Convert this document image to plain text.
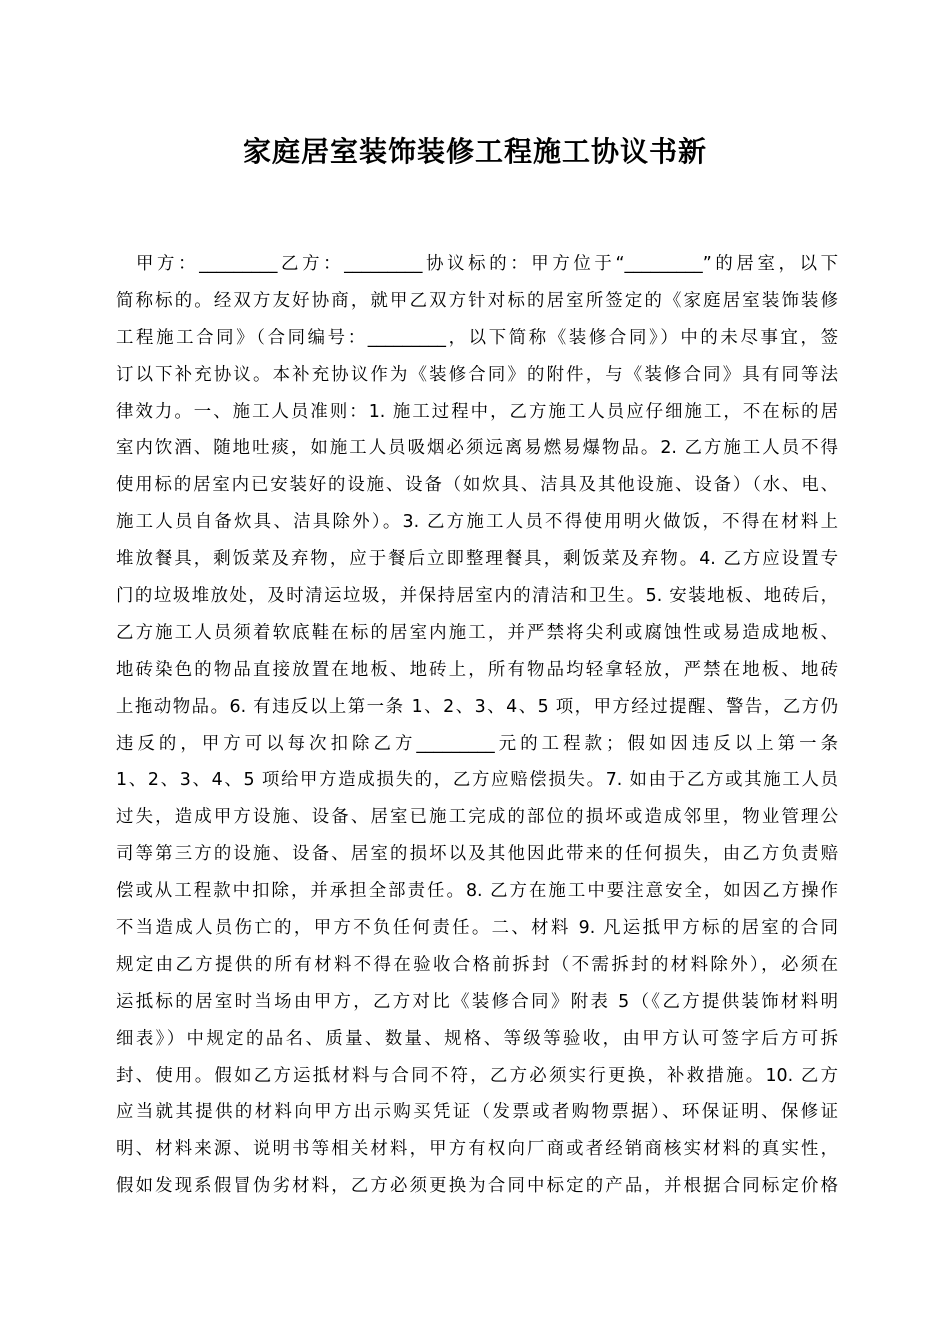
家庭居室装饰装修工程施工协议书新
甲方：_________乙方：_________协议标的：甲方位于“_________”的居室，以下
简称标的。经双方友好协商，就甲乙双方针对标的居室所签定的《家庭居室装饰装修
工程施工合同》（合同编号：_________，以下简称《装修合同》）中的未尽事宜，签
订以下补充协议。本补充协议作为《装修合同》的附件，与《装修合同》具有同等法
律效力。一、施工人员准则：1. 施工过程中，乙方施工人员应仔细施工，不在标的居
室内饮酒、随地吐痰，如施工人员吸烟必须远离易燃易爆物品。2. 乙方施工人员不得
使用标的居室内已安装好的设施、设备（如炊具、洁具及其他设施、设备）（水、电、
施工人员自备炊具、洁具除外）。3. 乙方施工人员不得使用明火做饭，不得在材料上
堆放餐具，剩饭菜及弃物，应于餐后立即整理餐具，剩饭菜及弃物。4. 乙方应设置专
门的垃圾堆放处，及时清运垃圾，并保持居室内的清洁和卫生。5. 安装地板、地砖后，
乙方施工人员须着软底鞋在标的居室内施工，并严禁将尖利或腐蚀性或易造成地板、
地砖染色的物品直接放置在地板、地砖上，所有物品均轻拿轻放，严禁在地板、地砖
上拖动物品。6. 有违反以上第一条 1、2、3、4、5 项，甲方经过提醒、警告，乙方仍
违反的，甲方可以每次扣除乙方_________元的工程款；假如因违反以上第一条
1、2、3、4、5 项给甲方造成损失的，乙方应赔偿损失。7. 如由于乙方或其施工人员
过失，造成甲方设施、设备、居室已施工完成的部位的损坏或造成邻里，物业管理公
司等第三方的设施、设备、居室的损坏以及其他因此带来的任何损失，由乙方负责赔
偿或从工程款中扣除，并承担全部责任。8. 乙方在施工中要注意安全，如因乙方操作
不当造成人员伤亡的，甲方不负任何责任。二、材料 9. 凡运抵甲方标的居室的合同
规定由乙方提供的所有材料不得在验收合格前拆封（不需拆封的材料除外），必须在
运抵标的居室时当场由甲方，乙方对比《装修合同》附表 5（《乙方提供装饰材料明
细表》）中规定的品名、质量、数量、规格、等级等验收，由甲方认可签字后方可拆
封、使用。假如乙方运抵材料与合同不符，乙方必须实行更换，补救措施。10. 乙方
应当就其提供的材料向甲方出示购买凭证（发票或者购物票据）、环保证明、保修证
明、材料来源、说明书等相关材料，甲方有权向厂商或者经销商核实材料的真实性，
假如发现系假冒伪劣材料，乙方必须更换为合同中标定的产品，并根据合同标定价格
